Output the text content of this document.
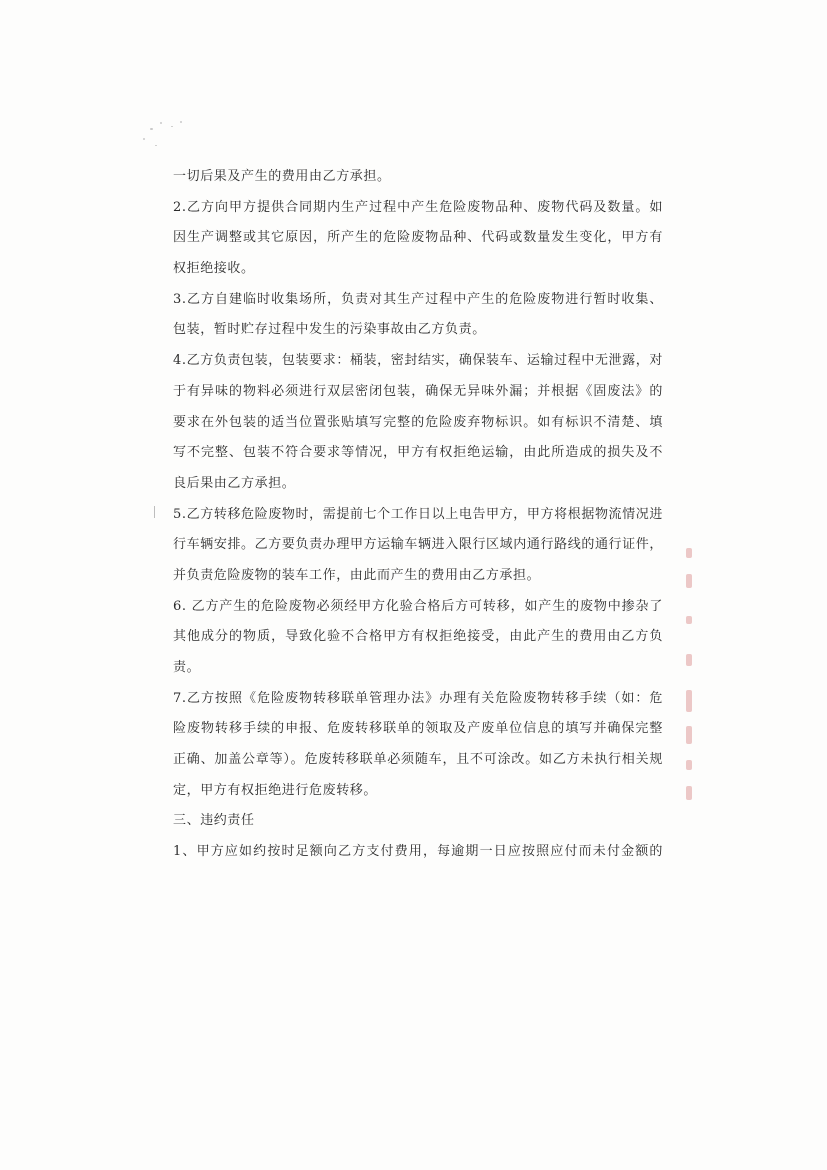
一切后果及产生的费用由乙方承担。
2.乙方向甲方提供合同期内生产过程中产生危险废物品种、废物代码及数量。如
因生产调整或其它原因，所产生的危险废物品种、代码或数量发生变化，甲方有
权拒绝接收。
3.乙方自建临时收集场所，负责对其生产过程中产生的危险废物进行暂时收集、
包装，暂时贮存过程中发生的污染事故由乙方负责。
4.乙方负责包装，包装要求：桶装，密封结实，确保装车、运输过程中无泄露，对
于有异味的物料必须进行双层密闭包装，确保无异味外漏；并根据《固废法》的
要求在外包装的适当位置张贴填写完整的危险废弃物标识。如有标识不清楚、填
写不完整、包装不符合要求等情况，甲方有权拒绝运输，由此所造成的损失及不
良后果由乙方承担。
5.乙方转移危险废物时，需提前七个工作日以上电告甲方，甲方将根据物流情况进
行车辆安排。乙方要负责办理甲方运输车辆进入限行区域内通行路线的通行证件，
并负责危险废物的装车工作，由此而产生的费用由乙方承担。
6. 乙方产生的危险废物必须经甲方化验合格后方可转移，如产生的废物中掺杂了
其他成分的物质，导致化验不合格甲方有权拒绝接受，由此产生的费用由乙方负
责。
7.乙方按照《危险废物转移联单管理办法》办理有关危险废物转移手续（如：危
险废物转移手续的申报、危废转移联单的领取及产废单位信息的填写并确保完整
正确、加盖公章等）。危废转移联单必须随车，且不可涂改。如乙方未执行相关规
定，甲方有权拒绝进行危废转移。
三、违约责任
1、甲方应如约按时足额向乙方支付费用，每逾期一日应按照应付而未付金额的
